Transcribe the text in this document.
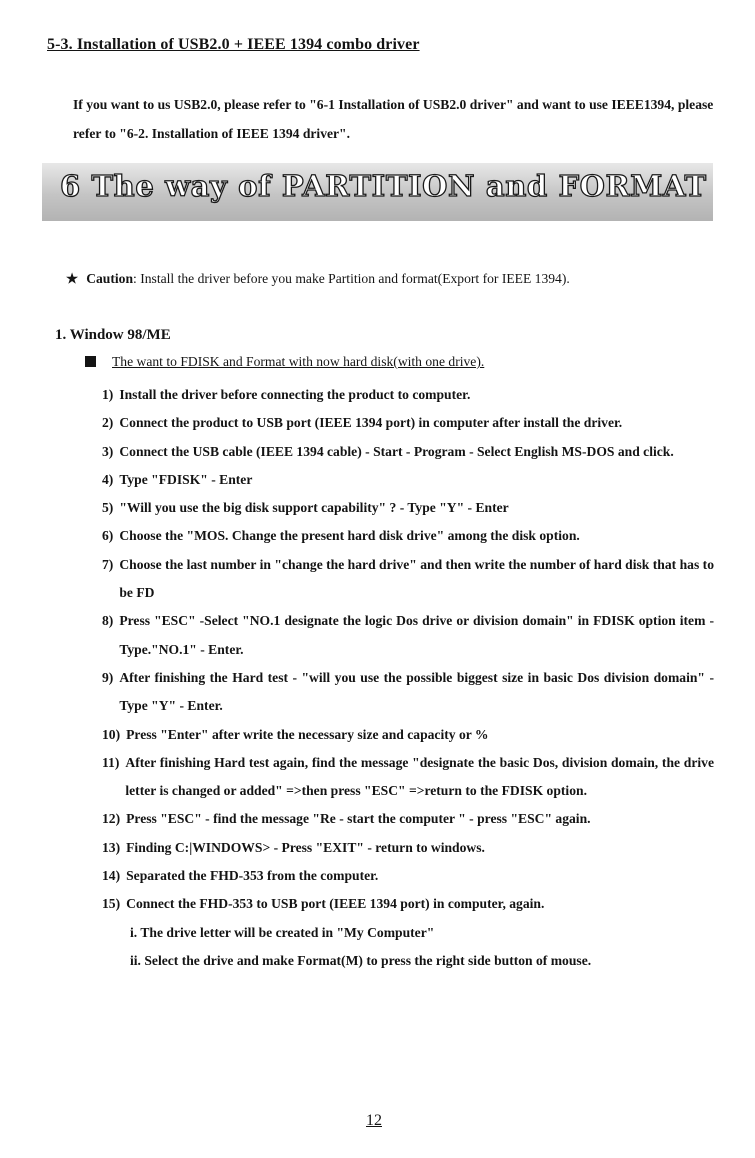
5-3. Installation of USB2.0 + IEEE 1394 combo driver
If you want to us USB2.0, please refer to "6-1 Installation of USB2.0 driver" and want to use IEEE1394, please refer to "6-2. Installation of IEEE 1394 driver".
6 The way of PARTITION and FORMAT
★ Caution: Install the driver before you make Partition and format(Export for IEEE 1394).
1. Window 98/ME
The want to FDISK and Format with now hard disk(with one drive).
1) Install the driver before connecting the product to computer.
2) Connect the product to USB port (IEEE 1394 port) in computer after install the driver.
3) Connect the USB cable (IEEE 1394 cable) - Start - Program - Select English MS-DOS and click.
4) Type "FDISK" - Enter
5) "Will you use the big disk support capability" ? - Type "Y" - Enter
6) Choose the "MOS. Change the present hard disk drive" among the disk option.
7) Choose the last number in "change the hard drive" and then write the number of hard disk that has to be FD
8) Press "ESC" -Select "NO.1 designate the logic Dos drive or division domain" in FDISK option item - Type."NO.1" - Enter.
9) After finishing the Hard test - "will you use the possible biggest size in basic Dos division domain" - Type "Y" - Enter.
10) Press "Enter" after write the necessary size and capacity or %
11) After finishing Hard test again, find the message "designate the basic Dos, division domain, the drive letter is changed or added" =>then press "ESC" =>return to the FDISK option.
12) Press "ESC" - find the message "Re - start the computer " - press "ESC" again.
13) Finding C:|WINDOWS> - Press "EXIT" - return to windows.
14) Separated the FHD-353 from the computer.
15) Connect the FHD-353 to USB port (IEEE 1394 port) in computer, again.
i. The drive letter will be created in "My Computer"
ii. Select the drive and make Format(M) to press the right side button of mouse.
12
